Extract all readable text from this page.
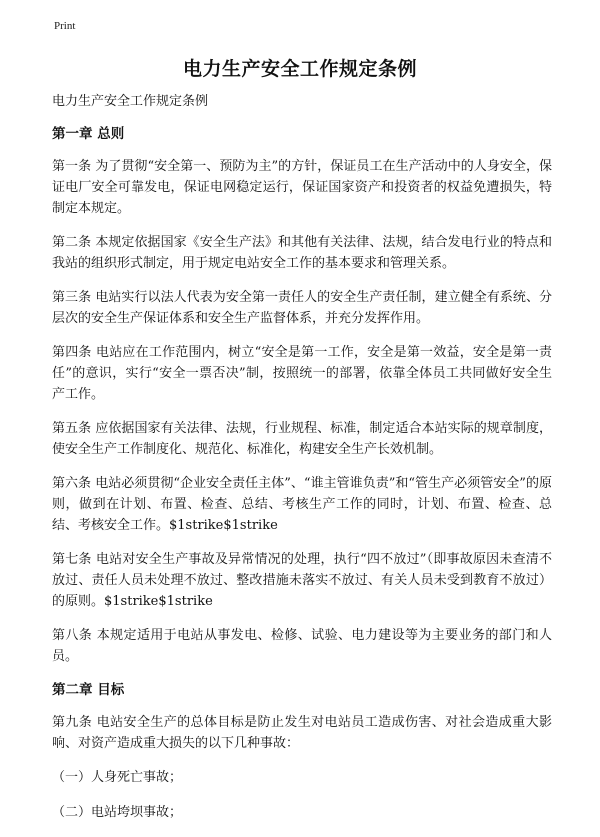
Print
电力生产安全工作规定条例

电力生产安全工作规定条例

第一章 总则

第一条 为了贯彻“安全第一、预防为主”的方针，保证员工在生产活动中的人身安全，保证电厂安全可靠发电，保证电网稳定运行，保证国家资产和投资者的权益免遭损失，特制定本规定。

第二条 本规定依据国家《安全生产法》和其他有关法律、法规，结合发电行业的特点和我站的组织形式制定，用于规定电站安全工作的基本要求和管理关系。

第三条 电站实行以法人代表为安全第一责任人的安全生产责任制，建立健全有系统、分层次的安全生产保证体系和安全生产监督体系，并充分发挥作用。

第四条 电站应在工作范围内，树立“安全是第一工作，安全是第一效益，安全是第一责任”的意识，实行“安全一票否决”制，按照统一的部署，依靠全体员工共同做好安全生产工作。

第五条 应依据国家有关法律、法规，行业规程、标准，制定适合本站实际的规章制度，使安全生产工作制度化、规范化、标准化，构建安全生产长效机制。

第六条 电站必须贯彻“企业安全责任主体”、“谁主管谁负责”和“管生产必须管安全”的原则，做到在计划、布置、检查、总结、考核生产工作的同时，计划、布置、检查、总结、考核安全工作。$1strike$1strike

第七条 电站对安全生产事故及异常情况的处理，执行“四不放过”（即事故原因未查清不放过、责任人员未处理不放过、整改措施未落实不放过、有关人员未受到教育不放过）的原则。$1strike$1strike

第八条 本规定适用于电站从事发电、检修、试验、电力建设等为主要业务的部门和人员。

第二章 目标

第九条 电站安全生产的总体目标是防止发生对电站员工造成伤害、对社会造成重大影响、对资产造成重大损失的以下几种事故：

（一）人身死亡事故；

（二）电站垮坝事故；
